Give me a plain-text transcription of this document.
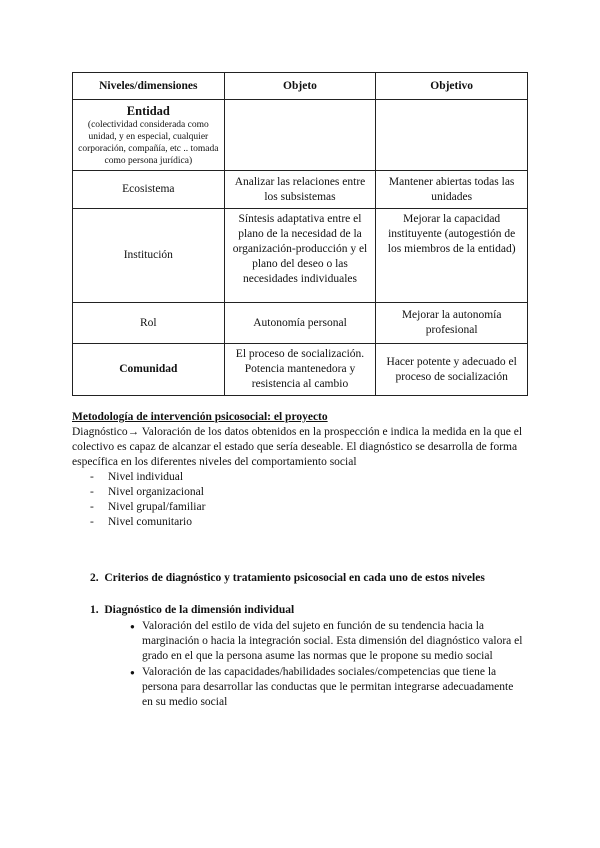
Niveles/dimensiones	Objeto	Objetivo

Entidad
(colectividad considerada como unidad, y en especial, cualquier corporación, compañía, etc .. tomada como persona jurídica)		

Ecosistema	Analizar las relaciones entre los subsistemas	Mantener abiertas todas las unidades
Institución	Síntesis adaptativa entre el plano de la necesidad de la organización-producción y el plano del deseo o las necesidades individuales	Mejorar la capacidad instituyente (autogestión de los miembros de la entidad)
Rol	Autonomía personal	Mejorar la autonomía profesional
Comunidad	El proceso de socialización. Potencia mantenedora y resistencia al cambio	Hacer potente y adecuado el proceso de socialización
Metodología de intervención psicosocial: el proyecto
Diagnóstico→ Valoración de los datos obtenidos en la prospección e indica la medida en la que el colectivo es capaz de alcanzar el estado que sería deseable. El diagnóstico se desarrolla de forma específica en los diferentes niveles del comportamiento social
- Nivel individual
- Nivel organizacional
- Nivel grupal/familiar
- Nivel comunitario
2. Criterios de diagnóstico y tratamiento psicosocial en cada uno de estos niveles
1. Diagnóstico de la dimensión individual
● Valoración del estilo de vida del sujeto en función de su tendencia hacia la marginación o hacia la integración social. Esta dimensión del diagnóstico valora el grado en el que la persona asume las normas que le propone su medio social
● Valoración de las capacidades/habilidades sociales/competencias que tiene la persona para desarrollar las conductas que le permitan integrarse adecuadamente en su medio social
